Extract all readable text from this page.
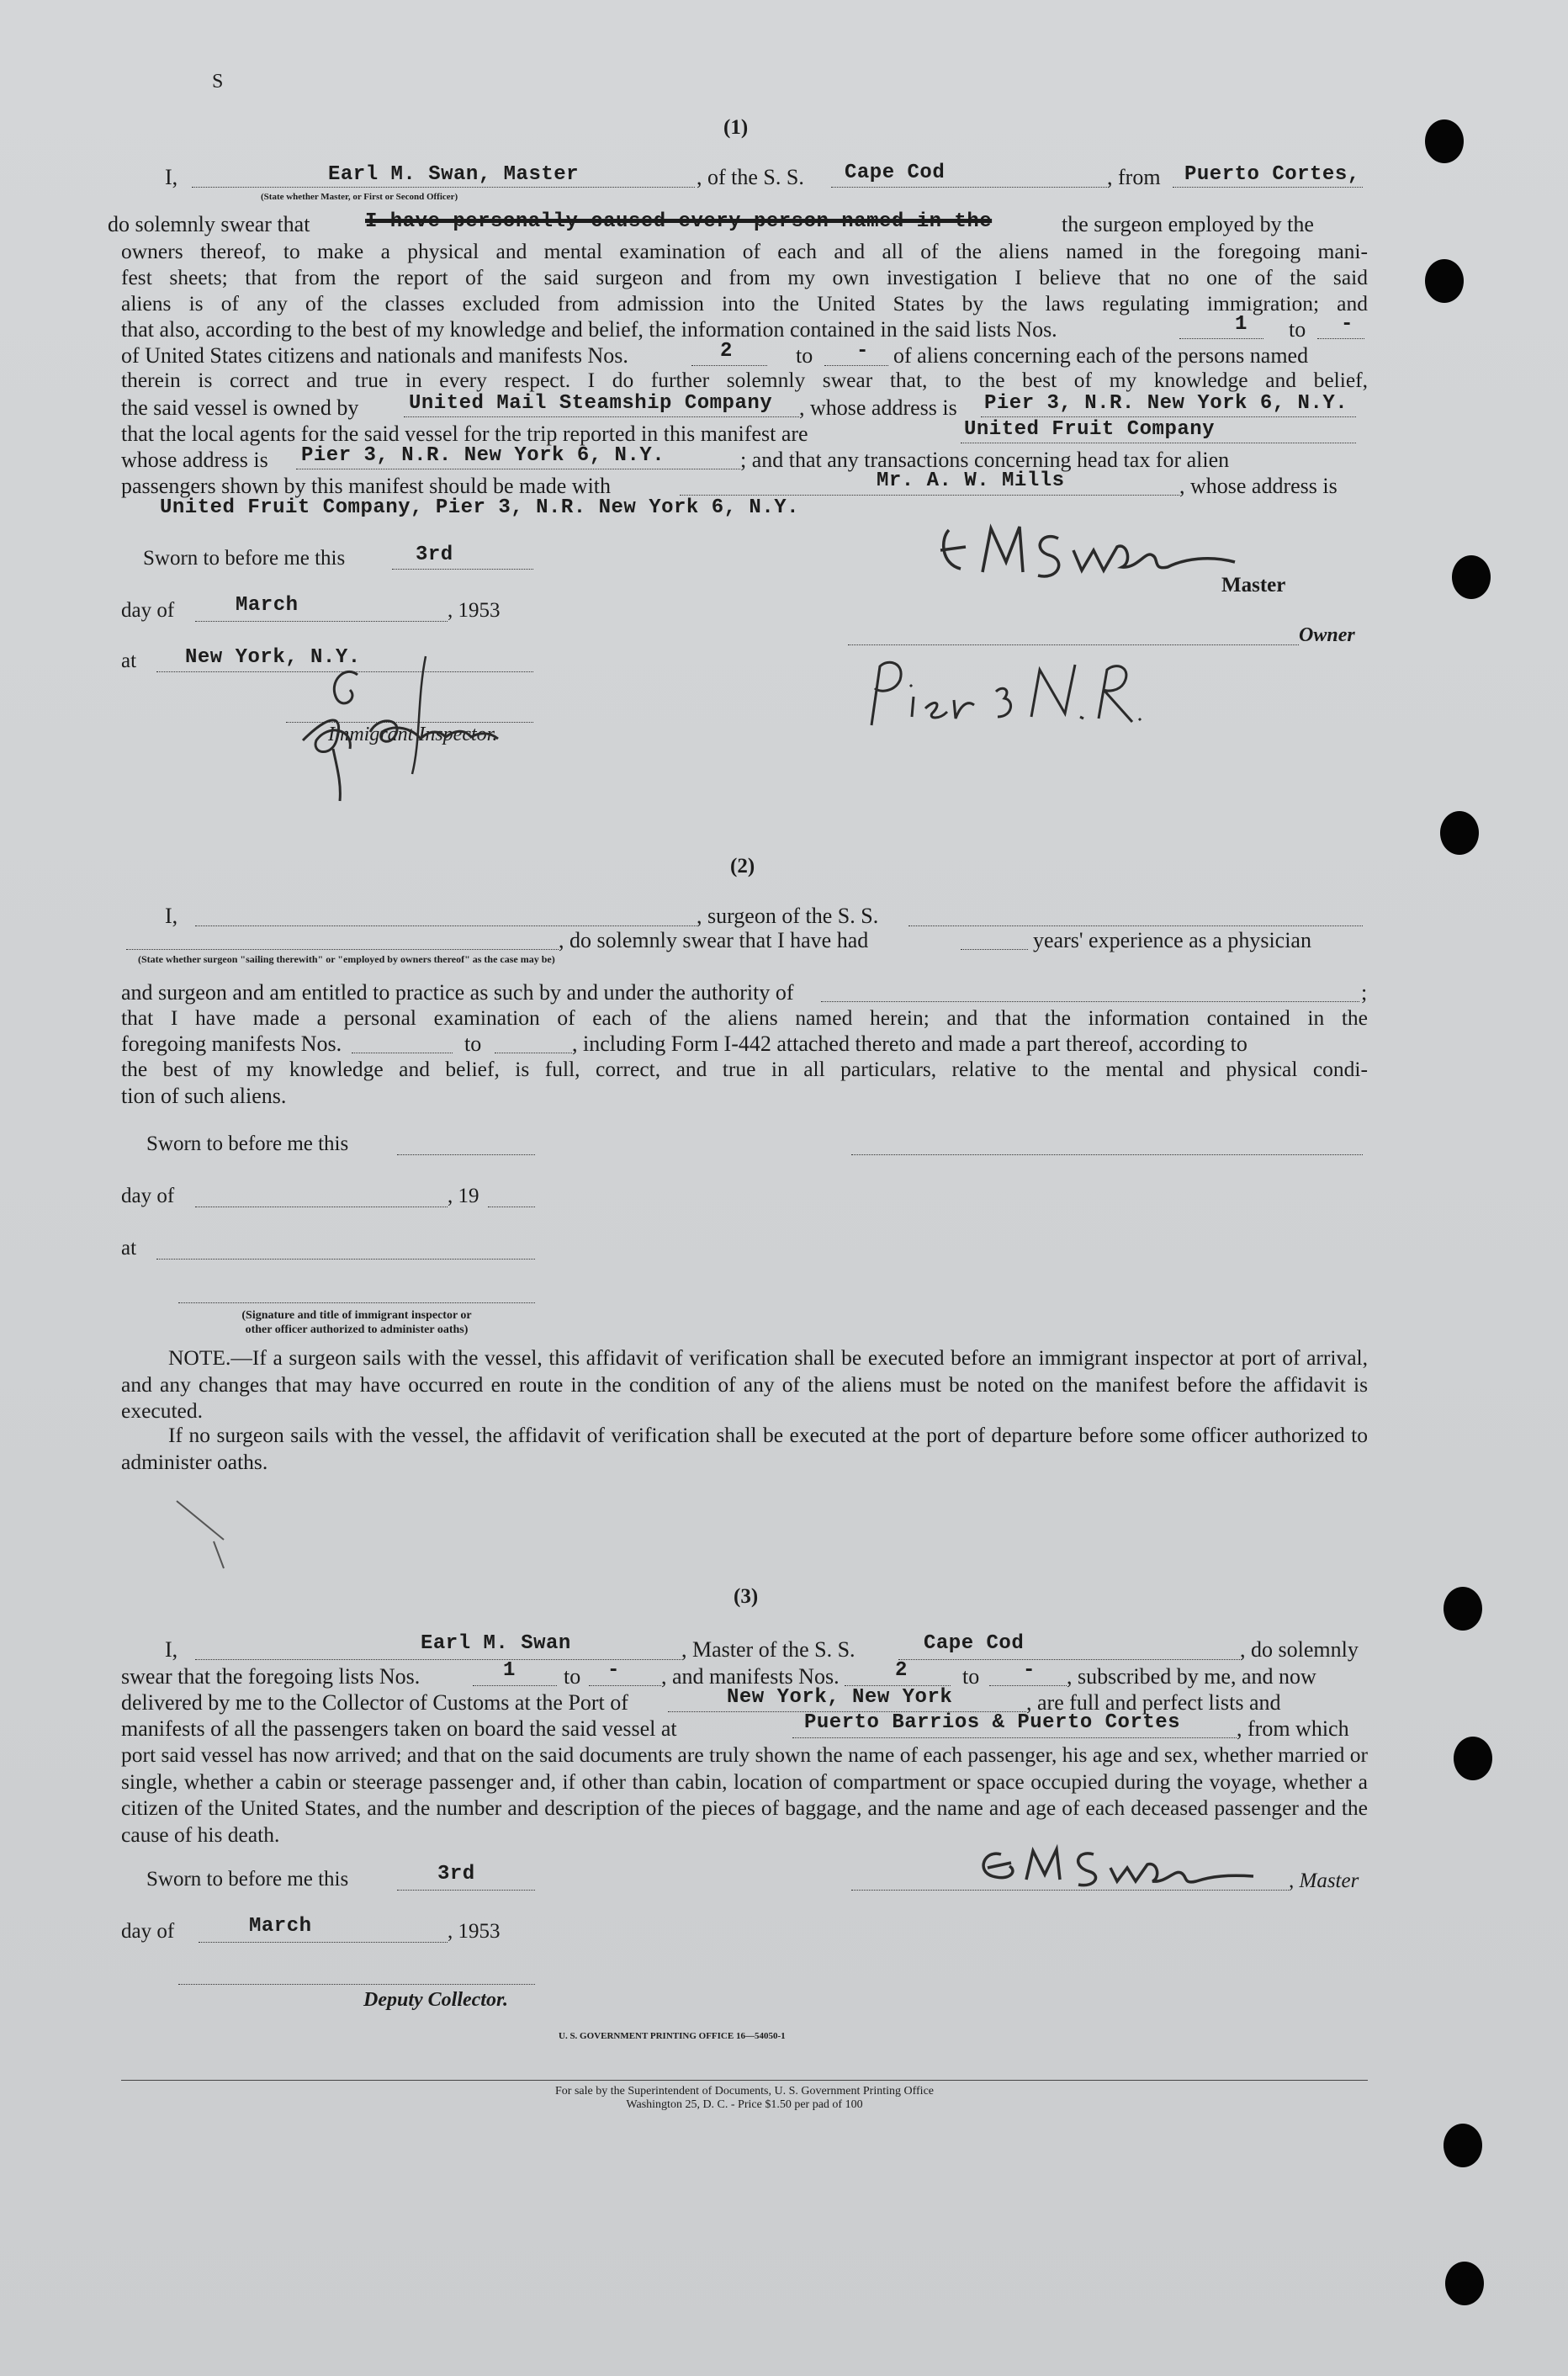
S
(1)
I,	Earl M. Swan, Master
(State whether Master, or First or Second Officer)
, of the S. S. Cape Cod	, from Puerto Cortes,
do solemnly swear that	I have personally caused every person named in the	the surgeon employed by the
owners thereof, to make a physical and mental examination of each and all of the aliens named in the foregoing mani-
fest sheets; that from the report of the said surgeon and from my own investigation I believe that no one of the said
aliens is of any of the classes excluded from admission into the United States by the laws regulating immigration; and
that also, according to the best of my knowledge and belief, the information contained in the said lists Nos.	1 to -
of United States citizens and nationals and manifests Nos.	2	to - of aliens concerning each of the persons named
therein is correct and true in every respect. I do further solemnly swear that, to the best of my knowledge and belief,
the said vessel is owned by United Mail Steamship Company , whose address is Pier 3, N.R. New York 6, N.Y.
that the local agents for the said vessel for the trip reported in this manifest are	United Fruit Company
whose address is Pier 3, N.R. New York 6, N.Y.	; and that any transactions concerning head tax for alien
passengers shown by this manifest should be made with	Mr. A. W. Mills	, whose address is
United Fruit Company, Pier 3, N.R. New York 6, N.Y.
Sworn to before me this	3rd
day of	March	, 1953
at New York, N.Y.
Immigrant Inspector.
Master
Owner
(2)
I,	, surgeon of the S. S.
, do solemnly swear that I have had	years' experience as a physician
(State whether surgeon "sailing therewith" or "employed by owners thereof" as the case may be)
and surgeon and am entitled to practice as such by and under the authority of	;
that I have made a personal examination of each of the aliens named herein; and that the information contained in the
foregoing manifests Nos.	to	, including Form I-442 attached thereto and made a part thereof, according to
the best of my knowledge and belief, is full, correct, and true in all particulars, relative to the mental and physical condi-
tion of such aliens.
Sworn to before me this
day of	, 19
at
(Signature and title of immigrant inspector or
other officer authorized to administer oaths)
NOTE.—If a surgeon sails with the vessel, this affidavit of verification shall be executed before an immigrant inspector at port of arrival, and any changes that may have occurred en route in the condition of any of the aliens must be noted on the manifest before the affidavit is executed.
If no surgeon sails with the vessel, the affidavit of verification shall be executed at the port of departure before some officer authorized to administer oaths.
(3)
I,	Earl M. Swan	, Master of the S. S.	Cape Cod	, do solemnly
swear that the foregoing lists Nos.	1 to - , and manifests Nos.	2	to - , subscribed by me, and now
delivered by me to the Collector of Customs at the Port of	New York, New York	, are full and perfect lists and
manifests of all the passengers taken on board the said vessel at	Puerto Barrios & Puerto Cortes	, from which
port said vessel has now arrived; and that on the said documents are truly shown the name of each passenger, his age and sex, whether married or single, whether a cabin or steerage passenger and, if other than cabin, location of compartment or space occupied during the voyage, whether a citizen of the United States, and the number and description of the pieces of baggage, and the name and age of each deceased passenger and the cause of his death.
Sworn to before me this	3rd	, Master
day of	March	, 1953
Deputy Collector.
U. S. GOVERNMENT PRINTING OFFICE 16—54050-1
For sale by the Superintendent of Documents, U. S. Government Printing Office
Washington 25, D. C. - Price $1.50 per pad of 100
